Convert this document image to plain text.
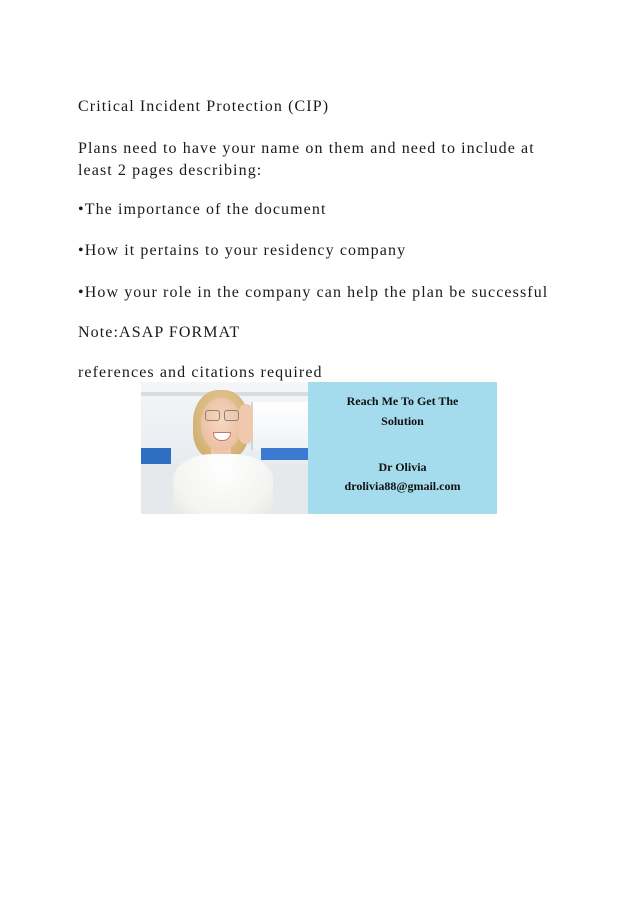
Critical Incident Protection (CIP)

Plans need to have your name on them and need to include at

least 2 pages describing:

•The importance of the document

•How it pertains to your residency company

•How your role in the company can help the plan be successful

Note:ASAP FORMAT

references and citations required

Reach Me To Get The
Solution
Dr Olivia
drolivia88@gmail.com
